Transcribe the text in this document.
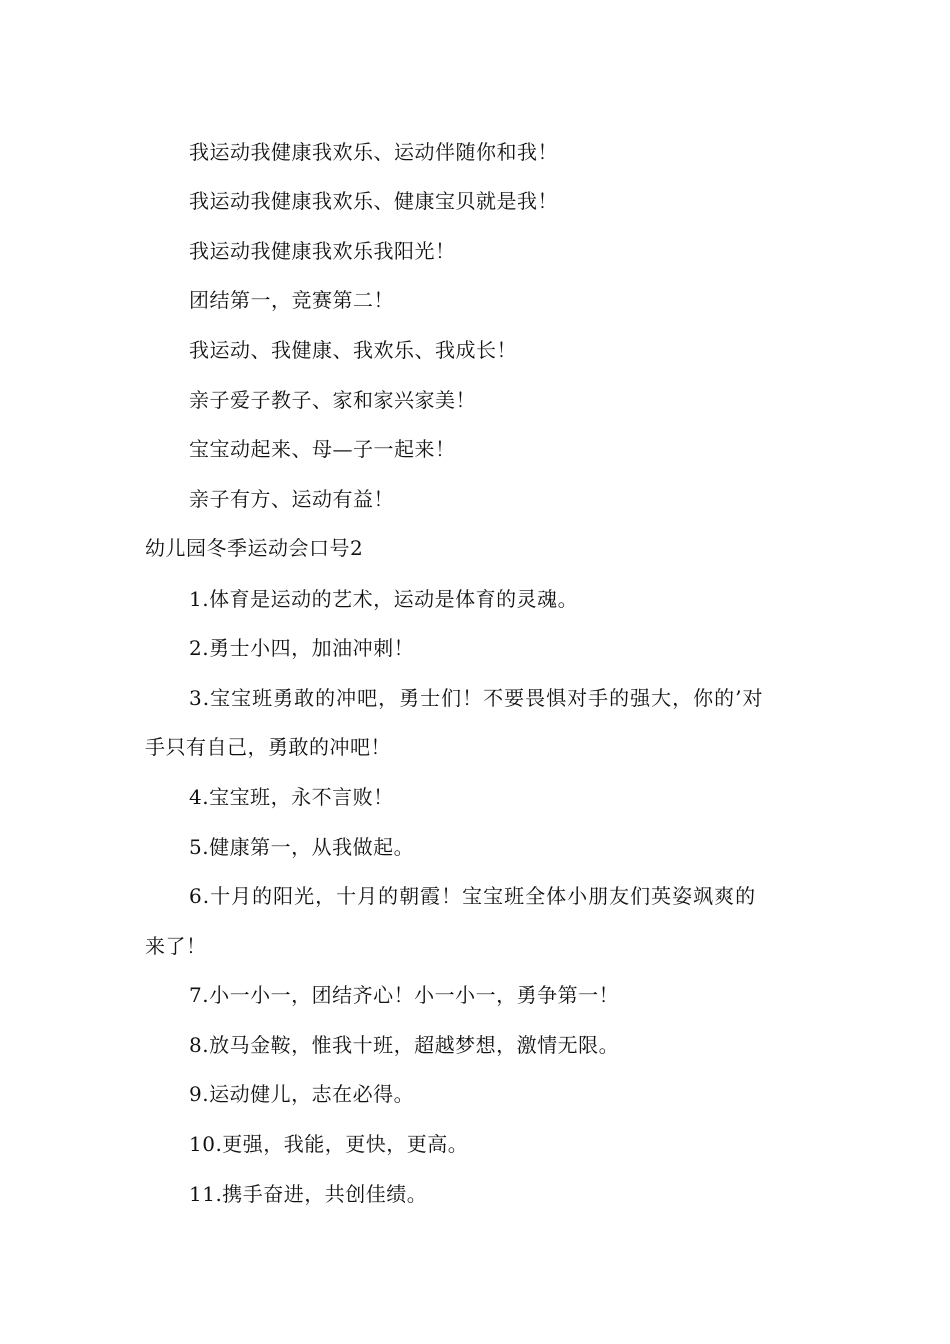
我运动我健康我欢乐、运动伴随你和我！
我运动我健康我欢乐、健康宝贝就是我！
我运动我健康我欢乐我阳光！
团结第一，竞赛第二！
我运动、我健康、我欢乐、我成长！
亲子爱子教子、家和家兴家美！
宝宝动起来、母—子一起来！
亲子有方、运动有益！
幼儿园冬季运动会口号2
1.体育是运动的艺术，运动是体育的灵魂。
2.勇士小四，加油冲刺！
3.宝宝班勇敢的冲吧，勇士们！不要畏惧对手的强大，你的’对
手只有自己，勇敢的冲吧！
4.宝宝班，永不言败！
5.健康第一，从我做起。
6.十月的阳光，十月的朝霞！宝宝班全体小朋友们英姿飒爽的
来了！
7.小一小一，团结齐心！小一小一，勇争第一！
8.放马金鞍，惟我十班，超越梦想，激情无限。
9.运动健儿，志在必得。
10.更强，我能，更快，更高。
11.携手奋进，共创佳绩。
